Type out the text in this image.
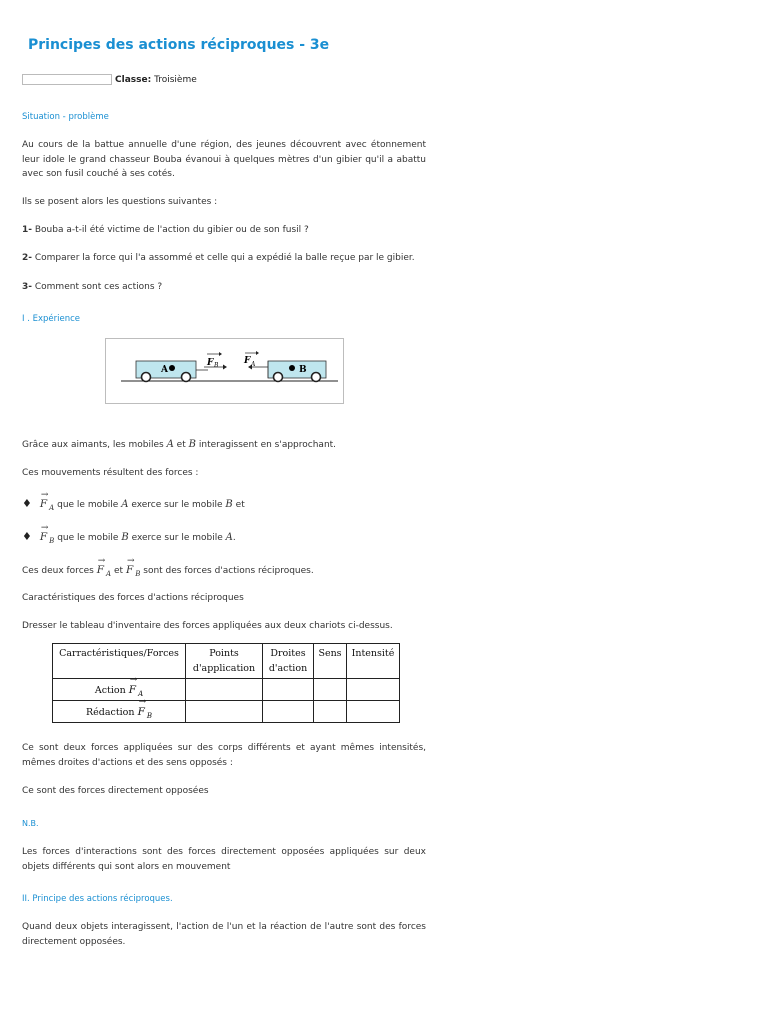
Principes des actions réciproques - 3e
Classe: Troisième

Situation - problème

Au cours de la battue annuelle d'une région, des jeunes découvrent avec étonnement leur idole le grand chasseur Bouba évanoui à quelques mètres d'un gibier qu'il a abattu avec son fusil couché à ses cotés.

Ils se posent alors les questions suivantes :

1- Bouba a-t-il été victime de l'action du gibier ou de son fusil ?

2- Comparer la force qui l'a assommé et celle qui a expédié la balle reçue par le gibier.

3- Comment sont ces actions ?

I . Expérience

A
F B	F A
B

Grâce aux aimants, les mobiles A et B interagissent en s'approchant.

Ces mouvements résultent des forces :

♦ → F $_A$ que le mobile A exerce sur le mobile B et

♦ → F $_B$ que le mobile B exerce sur le mobile A.

Ces deux forces → F $_A$ et → F $_B$ sont des forces d'actions réciproques.

Caractéristiques des forces d'actions réciproques

Dresser le tableau d'inventaire des forces appliquées aux deux chariots ci-dessus.

Carractéristiques/Forces	Points d'application	Droites d'action	Sens	Intensité
Action → F $_A$				
Rédaction → F $_B$				

Ce sont deux forces appliquées sur des corps différents et ayant mêmes intensités, mêmes droites d'actions et des sens opposés :

Ce sont des forces directement opposées

N.B.

Les forces d'interactions sont des forces directement opposées appliquées sur deux objets différents qui sont alors en mouvement

II. Principe des actions réciproques.

Quand deux objets interagissent, l'action de l'un et la réaction de l'autre sont des forces directement opposées.
